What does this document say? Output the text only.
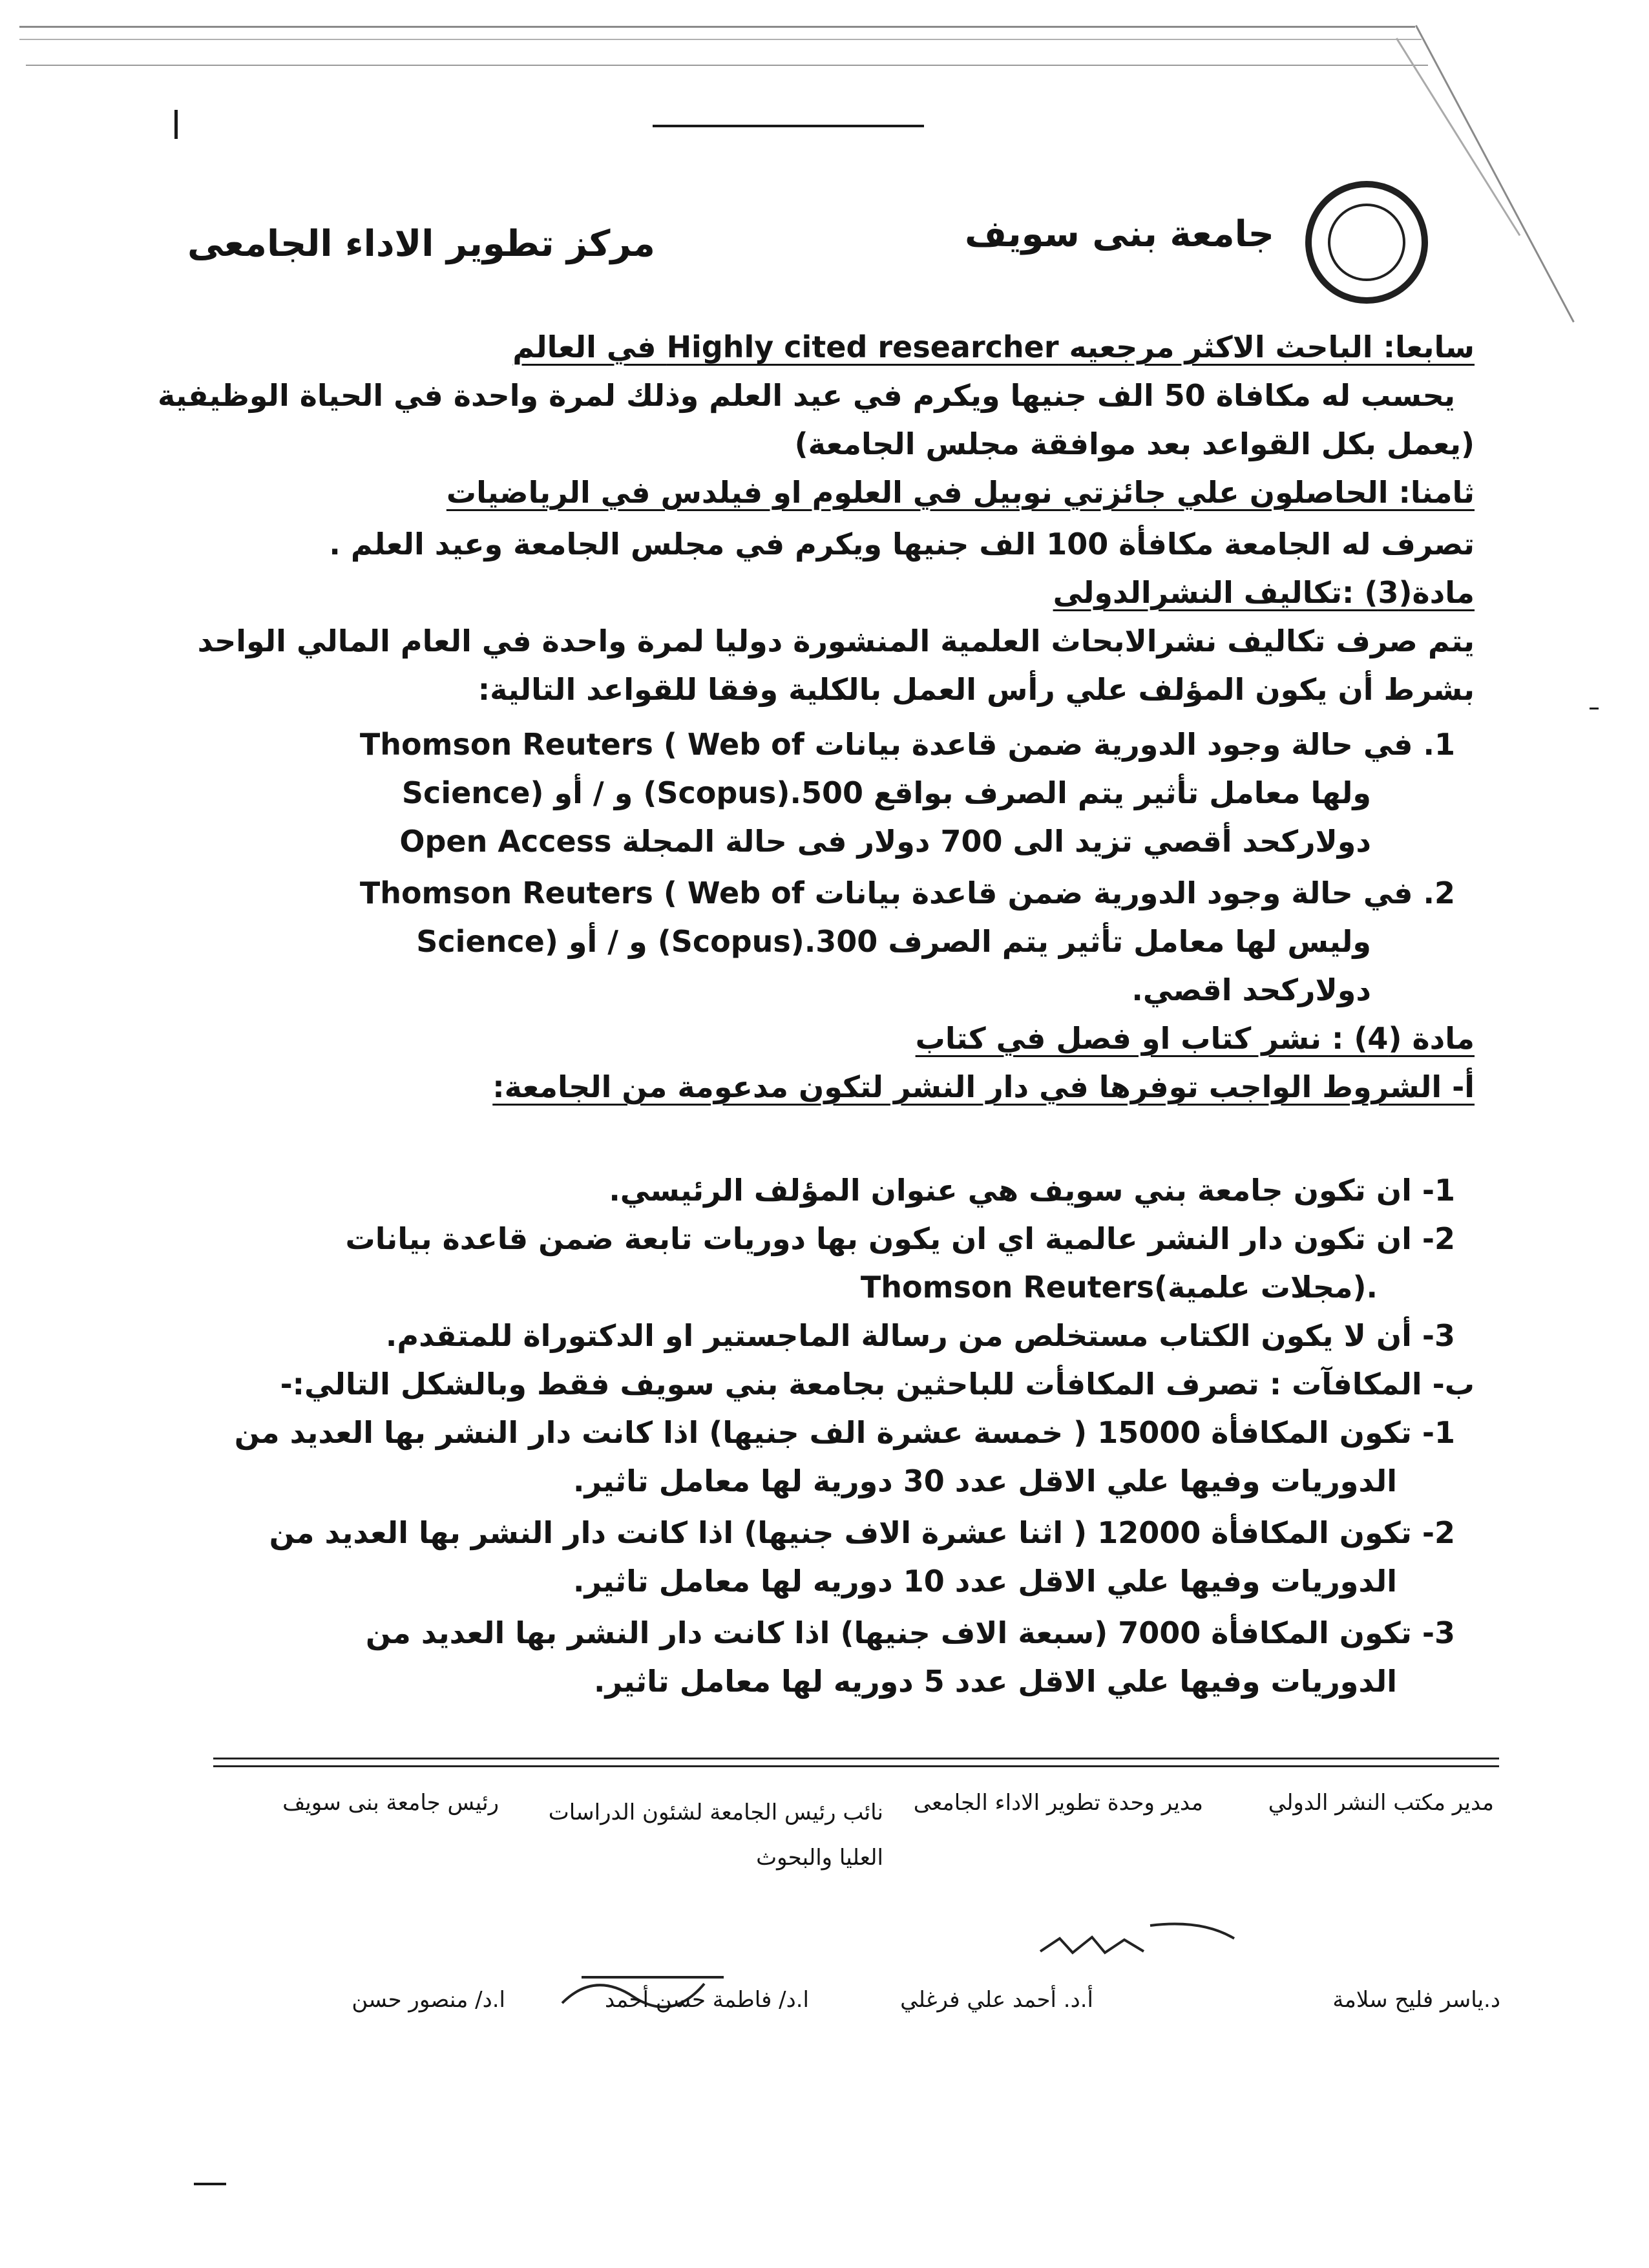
جامعة بنى سويف
مركز تطوير الاداء الجامعى
سابعا: الباحث الاكثر مرجعيه Highly cited researcher في العالم
يحسب له مكافاة 50 الف جنيها ويكرم في عيد العلم وذلك لمرة واحدة في الحياة الوظيفية
(يعمل بكل القواعد بعد موافقة مجلس الجامعة)
ثامنا: الحاصلون علي جائزتي نوبيل في العلوم او فيلدس في الرياضيات
تصرف له الجامعة مكافأة 100 الف جنيها ويكرم في مجلس الجامعة وعيد العلم .
مادة(3) :تكاليف النشرالدولى
يتم صرف تكاليف نشرالابحاث العلمية المنشورة دوليا لمرة واحدة في العام المالي الواحد
بشرط أن يكون المؤلف علي رأس العمل بالكلية وفقا للقواعد التالية:
1. في حالة وجود الدورية ضمن قاعدة بيانات Thomson Reuters ( Web of
Science) و / أو (Scopus).ولها معامل تأثير يتم الصرف بواقع 500
دولاركحد أقصي تزيد الى 700 دولار فى حالة المجلة Open Access
2. في حالة وجود الدورية ضمن قاعدة بيانات Thomson Reuters ( Web of
Science) و / أو (Scopus).وليس لها معامل تأثير يتم الصرف 300
دولاركحد اقصي.
مادة (4) : نشر كتاب او فصل في كتاب
أ- الشروط الواجب توفرها في دار النشر لتكون مدعومة من الجامعة:
1- ان تكون جامعة بني سويف هي عنوان المؤلف الرئيسي.
2- ان تكون دار النشر عالمية اي ان يكون بها دوريات تابعة ضمن قاعدة بيانات
Thomson Reuters(مجلات علمية).
3- أن لا يكون الكتاب مستخلص من رسالة الماجستير او الدكتوراة للمتقدم.
ب- المكافآت : تصرف المكافأت للباحثين بجامعة بني سويف فقط وبالشكل التالي:-
1- تكون المكافأة 15000 ( خمسة عشرة الف جنيها) اذا كانت دار النشر بها العديد من
الدوريات وفيها علي الاقل عدد 30 دورية لها معامل تاثير.
2- تكون المكافأة 12000 ( اثنا عشرة الاف جنيها) اذا كانت دار النشر بها العديد من
الدوريات وفيها علي الاقل عدد 10 دوريه لها معامل تاثير.
3- تكون المكافأة 7000 (سبعة الاف جنيها) اذا كانت دار النشر بها العديد من
الدوريات وفيها علي الاقل عدد 5 دوريه لها معامل تاثير.
مدير مكتب النشر الدولي
مدير وحدة تطوير الاداء الجامعى
نائب رئيس الجامعة لشئون الدراسات العليا والبحوث
رئيس جامعة بنى سويف
د.ياسر فليح سلامة
أ.د. أحمد علي فرغلي
ا.د/ فاطمة حسن أحمد
ا.د/ منصور حسن
